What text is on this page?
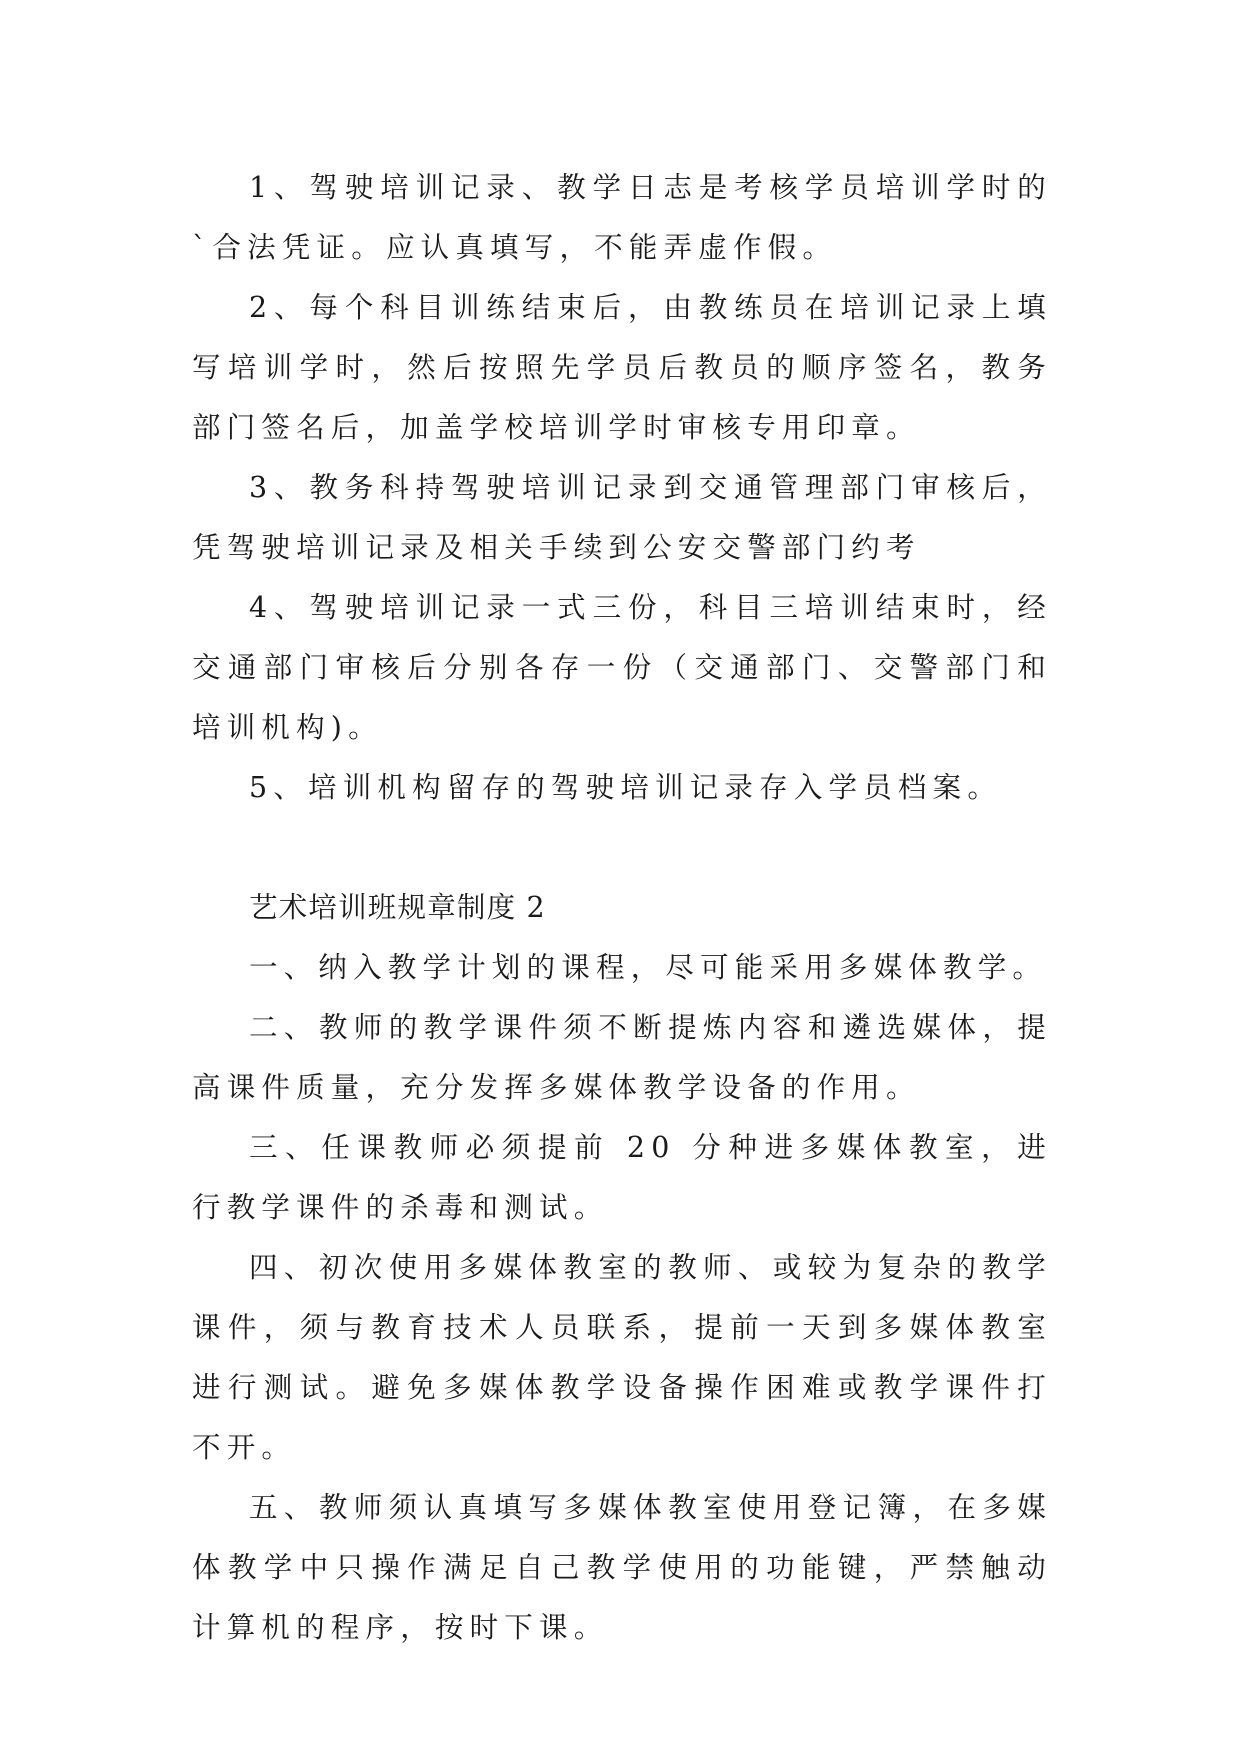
1、驾驶培训记录、教学日志是考核学员培训学时的`合法凭证。应认真填写，不能弄虚作假。

2、每个科目训练结束后，由教练员在培训记录上填写培训学时，然后按照先学员后教员的顺序签名，教务部门签名后，加盖学校培训学时审核专用印章。

3、教务科持驾驶培训记录到交通管理部门审核后，凭驾驶培训记录及相关手续到公安交警部门约考

4、驾驶培训记录一式三份，科目三培训结束时，经交通部门审核后分别各存一份（交通部门、交警部门和培训机构)。

5、培训机构留存的驾驶培训记录存入学员档案。

艺术培训班规章制度 2

一、纳入教学计划的课程，尽可能采用多媒体教学。

二、教师的教学课件须不断提炼内容和遴选媒体，提高课件质量，充分发挥多媒体教学设备的作用。

三、任课教师必须提前 20 分种进多媒体教室，进行教学课件的杀毒和测试。

四、初次使用多媒体教室的教师、或较为复杂的教学课件，须与教育技术人员联系，提前一天到多媒体教室进行测试。避免多媒体教学设备操作困难或教学课件打不开。

五、教师须认真填写多媒体教室使用登记簿，在多媒体教学中只操作满足自己教学使用的功能键，严禁触动计算机的程序，按时下课。
